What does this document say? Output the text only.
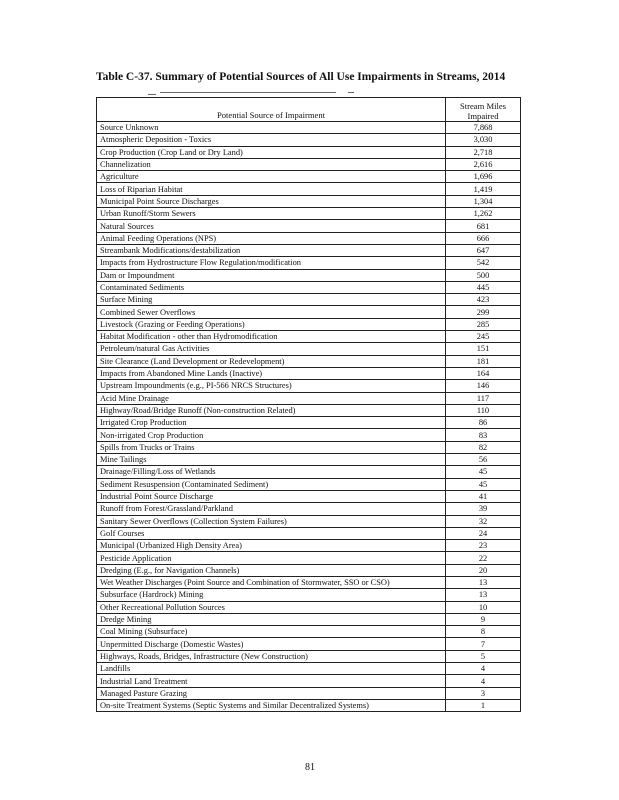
Table C-37. Summary of Potential Sources of All Use Impairments in Streams, 2014
Potential Source of Impairment	Stream Miles
Impaired

Source Unknown	7,868
Atmospheric Deposition - Toxics	3,030
Crop Production (Crop Land or Dry Land)	2,718
Channelization	2,616
Agriculture	1,696
Loss of Riparian Habitat	1,419
Municipal Point Source Discharges	1,304
Urban Runoff/Storm Sewers	1,262
Natural Sources	681
Animal Feeding Operations (NPS)	666
Streambank Modifications/destabilization	647
Impacts from Hydrostructure Flow Regulation/modification	542
Dam or Impoundment	500
Contaminated Sediments	445
Surface Mining	423
Combined Sewer Overflows	299
Livestock (Grazing or Feeding Operations)	285
Habitat Modification - other than Hydromodification	245
Petroleum/natural Gas Activities	151
Site Clearance (Land Development or Redevelopment)	181
Impacts from Abandoned Mine Lands (Inactive)	164
Upstream Impoundments (e.g., PI-566 NRCS Structures)	146
Acid Mine Drainage	117
Highway/Road/Bridge Runoff (Non-construction Related)	110
Irrigated Crop Production	86
Non-irrigated Crop Production	83
Spills from Trucks or Trains	82
Mine Tailings	56
Drainage/Filling/Loss of Wetlands	45
Sediment Resuspension (Contaminated Sediment)	45
Industrial Point Source Discharge	41
Runoff from Forest/Grassland/Parkland	39
Sanitary Sewer Overflows (Collection System Failures)	32
Golf Courses	24
Municipal (Urbanized High Density Area)	23
Pesticide Application	22
Dredging (E.g., for Navigation Channels)	20
Wet Weather Discharges (Point Source and Combination of Stormwater, SSO or CSO)	13
Subsurface (Hardrock) Mining	13
Other Recreational Pollution Sources	10
Dredge Mining	9
Coal Mining (Subsurface)	8
Unpermitted Discharge (Domestic Wastes)	7
Highways, Roads, Bridges, Infrastructure (New Construction)	5
Landfills	4
Industrial Land Treatment	4
Managed Pasture Grazing	3
On-site Treatment Systems (Septic Systems and Similar Decentralized Systems)	1
81
